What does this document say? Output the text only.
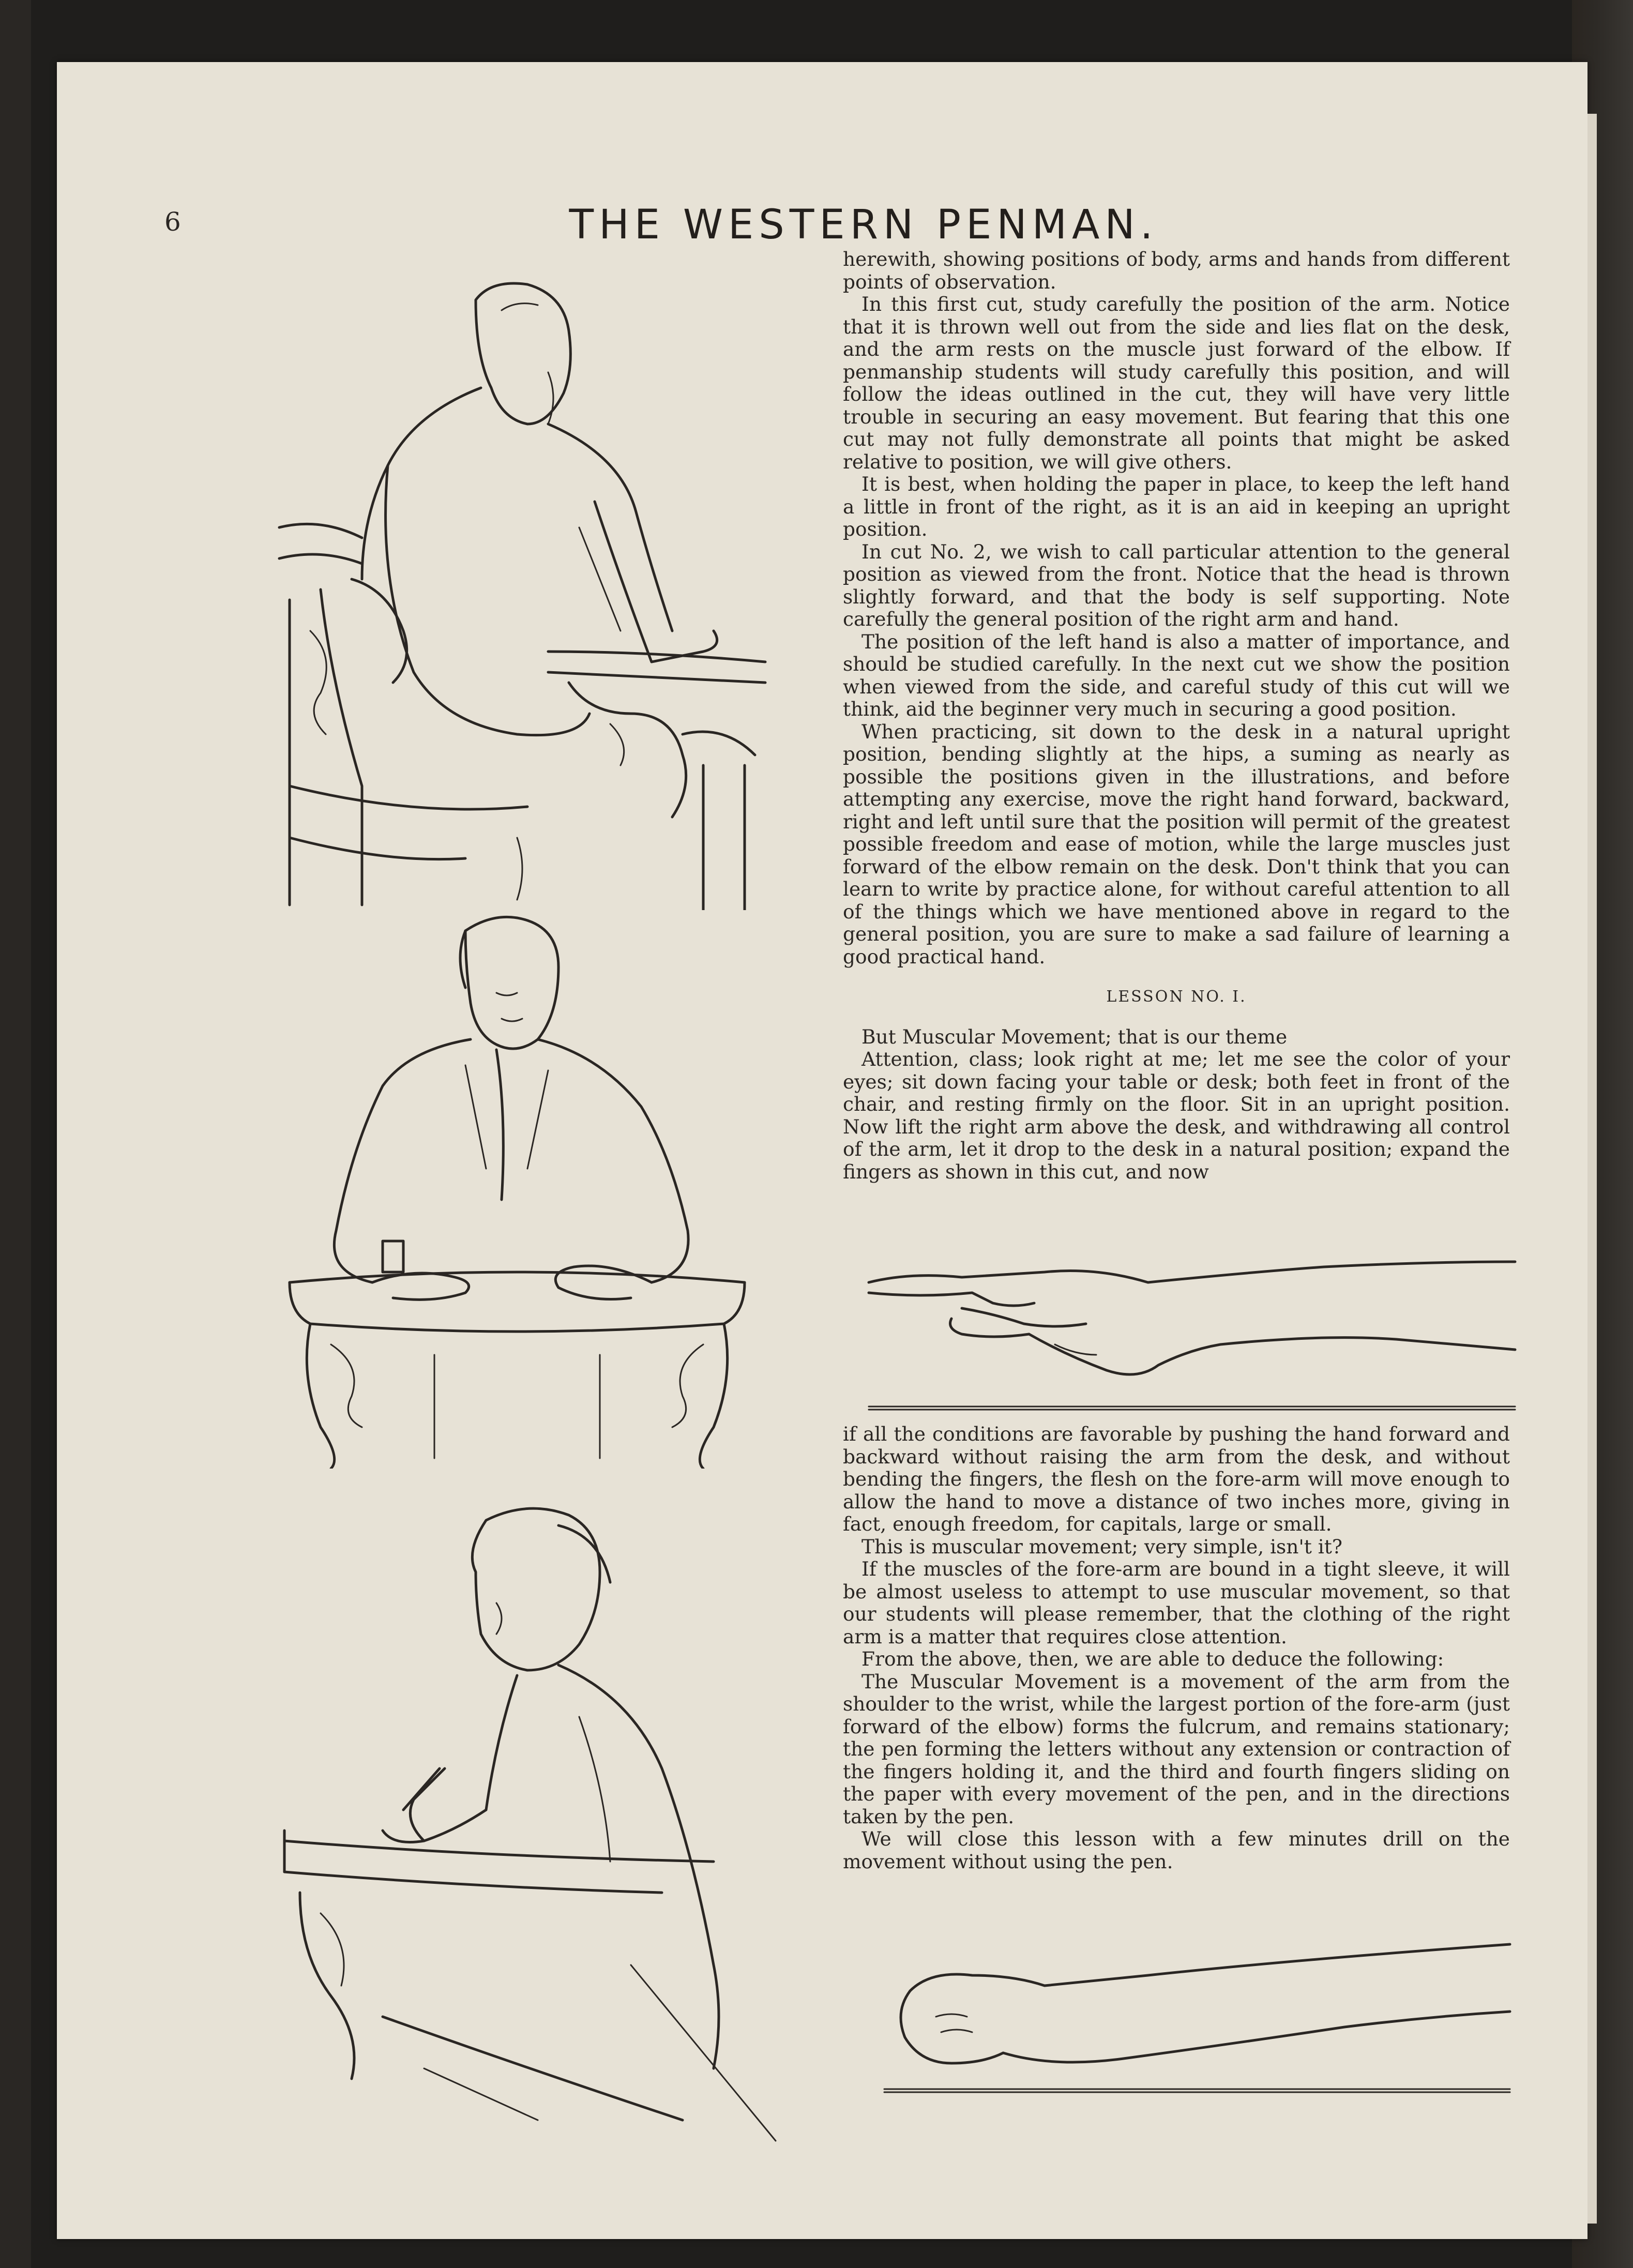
6	THE WESTERN PENMAN.

herewith, showing positions of body, arms and hands from different points of observation.

In this first cut, study carefully the position of the arm. Notice that it is thrown well out from the side and lies flat on the desk, and the arm rests on the muscle just forward of the elbow. If penmanship students will study carefully this position, and will follow the ideas outlined in the cut, they will have very little trouble in securing an easy movement. But fearing that this one cut may not fully demonstrate all points that might be asked relative to position, we will give others.

It is best, when holding the paper in place, to keep the left hand a little in front of the right, as it is an aid in keeping an upright position.

In cut No. 2, we wish to call particular attention to the general position as viewed from the front. Notice that the head is thrown slightly forward, and that the body is self supporting. Note carefully the general position of the right arm and hand.

The position of the left hand is also a matter of importance, and should be studied carefully. In the next cut we show the position when viewed from the side, and careful study of this cut will we think, aid the beginner very much in securing a good position.

When practicing, sit down to the desk in a natural upright position, bending slightly at the hips, a suming as nearly as possible the positions given in the illustrations, and before attempting any exercise, move the right hand forward, backward, right and left until sure that the position will permit of the greatest possible freedom and ease of motion, while the large muscles just forward of the elbow remain on the desk. Don't think that you can learn to write by practice alone, for without careful attention to all of the things which we have mentioned above in regard to the general position, you are sure to make a sad failure of learning a good practical hand.

LESSON NO. I.

But Muscular Movement; that is our theme

Attention, class; look right at me; let me see the color of your eyes; sit down facing your table or desk; both feet in front of the chair, and resting firmly on the floor. Sit in an upright position. Now lift the right arm above the desk, and withdrawing all control of the arm, let it drop to the desk in a natural position; expand the fingers as shown in this cut, and now

if all the conditions are favorable by pushing the hand forward and backward without raising the arm from the desk, and without bending the fingers, the flesh on the fore-arm will move enough to allow the hand to move a distance of two inches more, giving in fact, enough freedom, for capitals, large or small.

This is muscular movement; very simple, isn't it?

If the muscles of the fore-arm are bound in a tight sleeve, it will be almost useless to attempt to use muscular movement, so that our students will please remember, that the clothing of the right arm is a matter that requires close attention.

From the above, then, we are able to deduce the following:

The Muscular Movement is a movement of the arm from the shoulder to the wrist, while the largest portion of the fore-arm (just forward of the elbow) forms the fulcrum, and remains stationary; the pen forming the letters without any extension or contraction of the fingers holding it, and the third and fourth fingers sliding on the paper with every movement of the pen, and in the directions taken by the pen.

We will close this lesson with a few minutes drill on the movement without using the pen.
